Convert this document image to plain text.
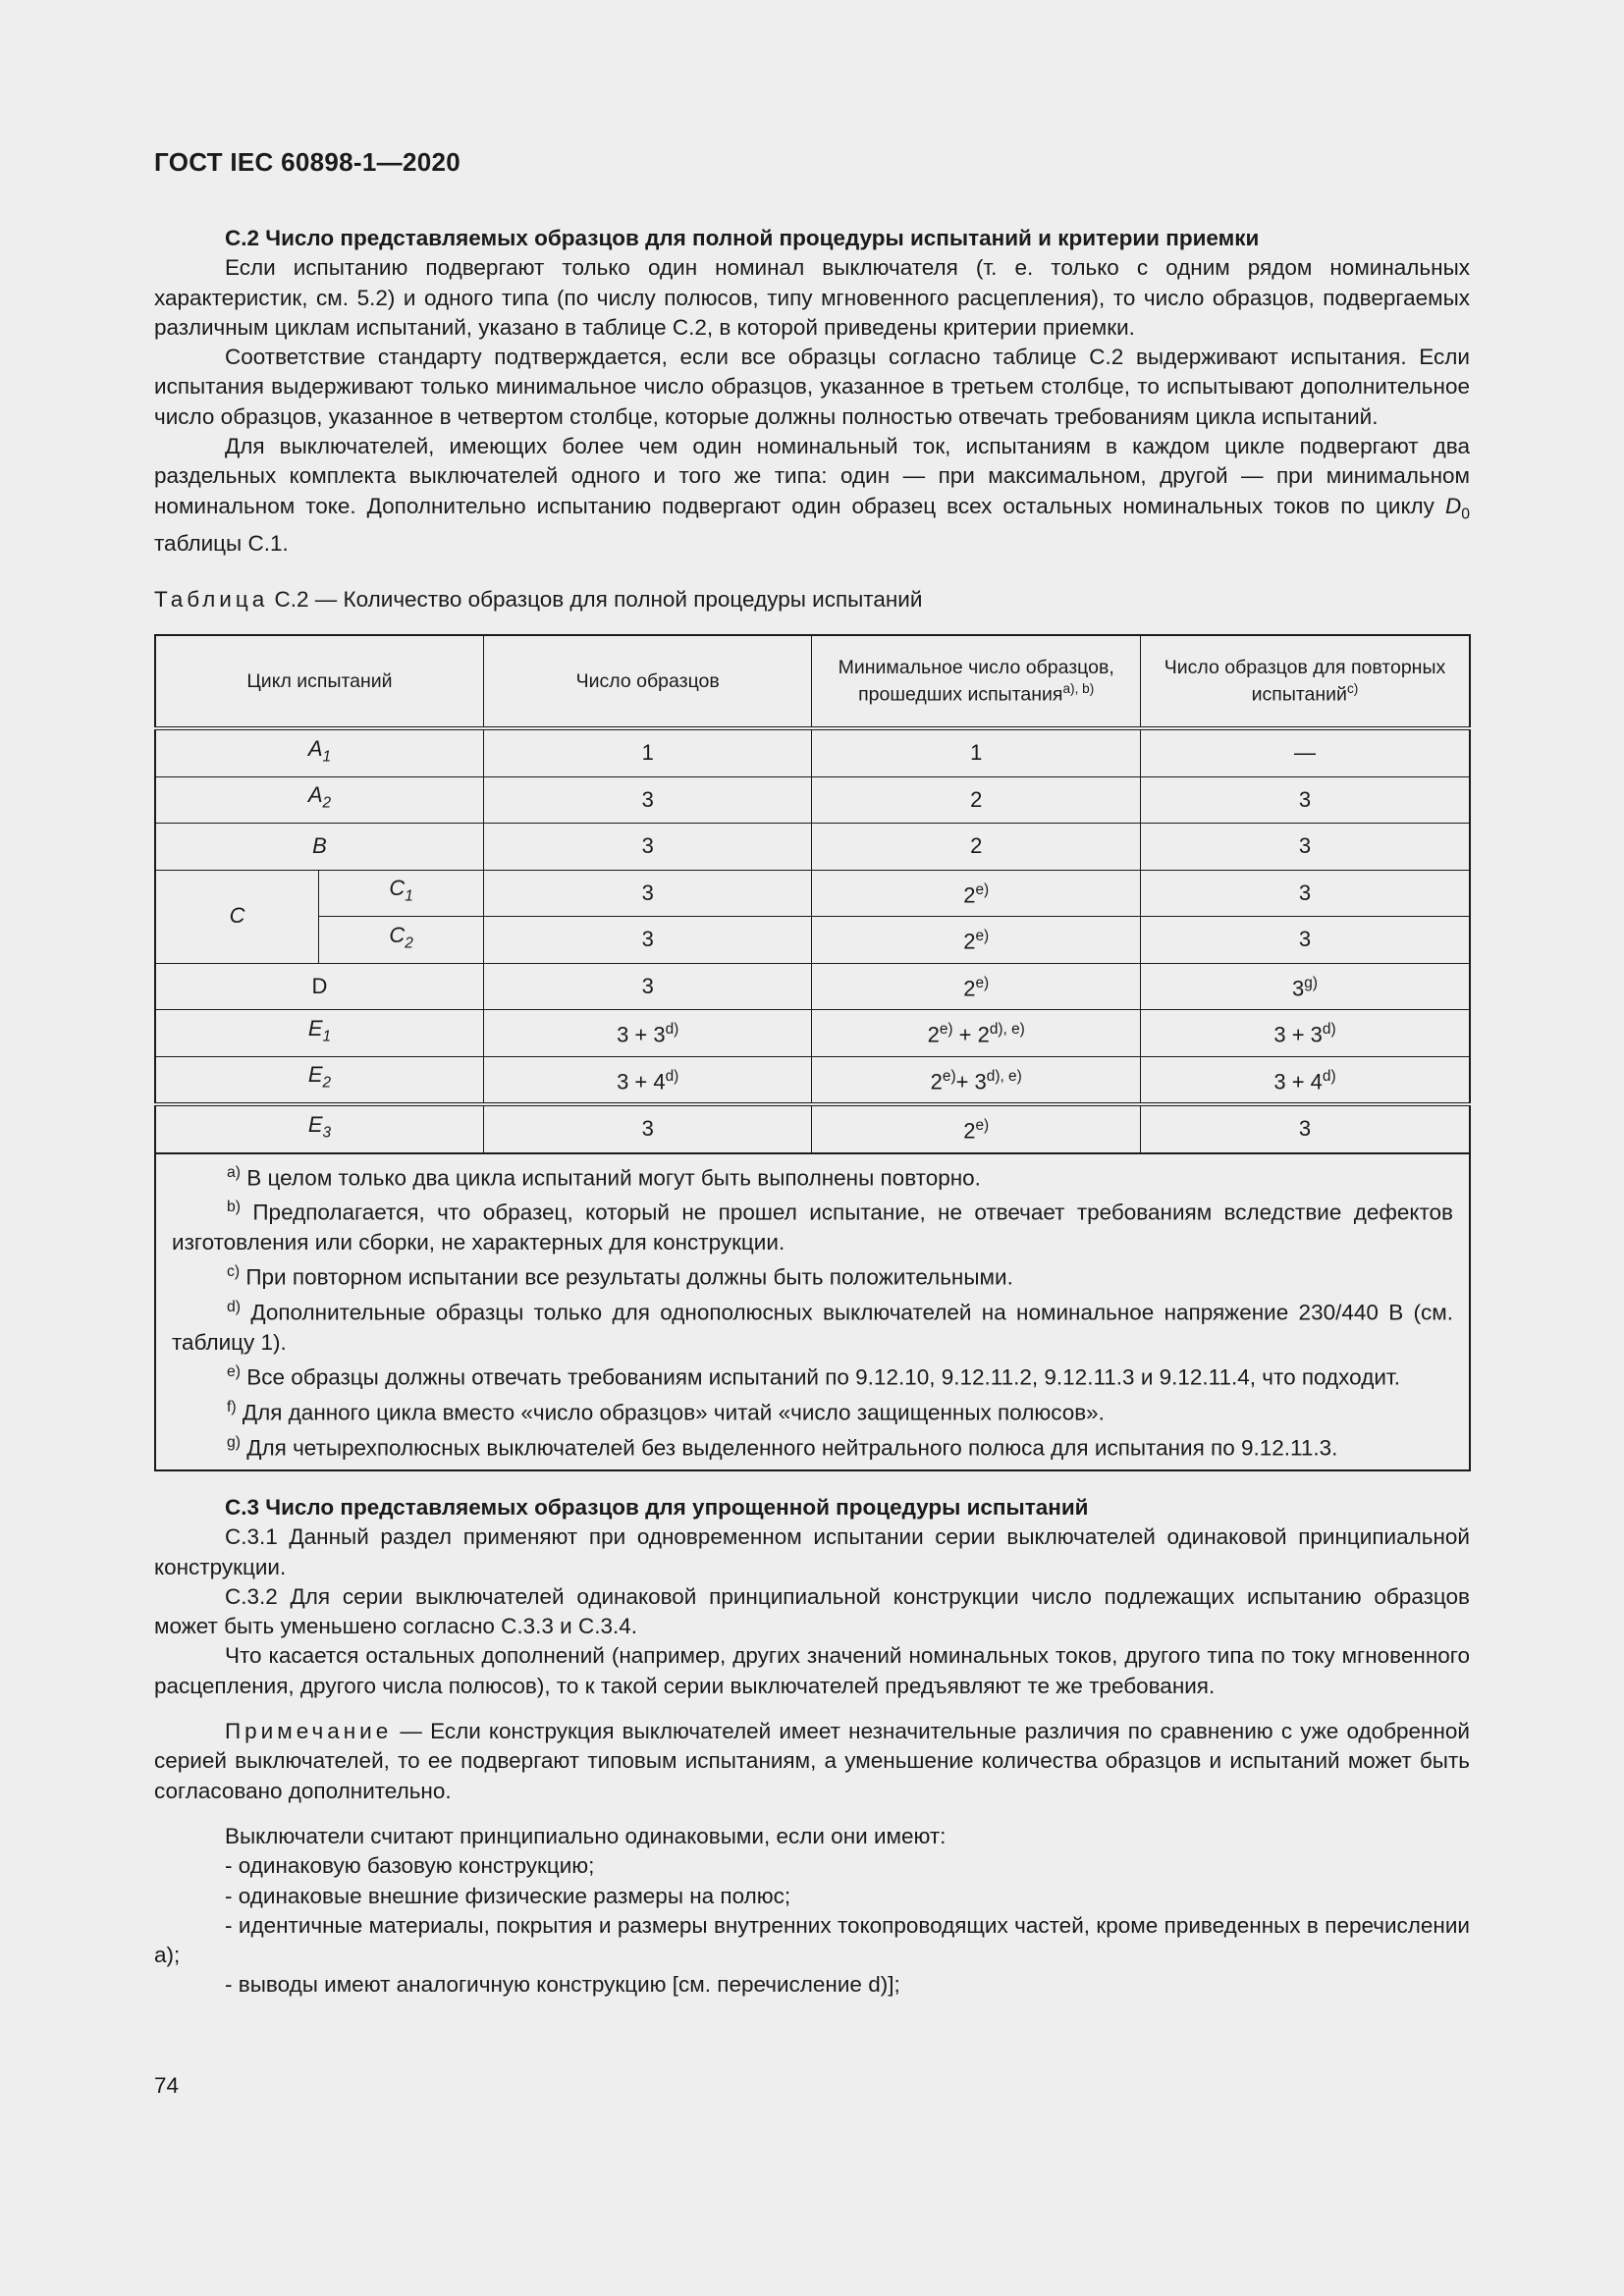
ГОСТ IEC 60898-1—2020
С.2 Число представляемых образцов для полной процедуры испытаний и критерии приемки

Если испытанию подвергают только один номинал выключателя (т. е. только с одним рядом номинальных характеристик, см. 5.2) и одного типа (по числу полюсов, типу мгновенного расцепления), то число образцов, подвергаемых различным циклам испытаний, указано в таблице С.2, в которой приведены критерии приемки.

Соответствие стандарту подтверждается, если все образцы согласно таблице С.2 выдерживают испытания. Если испытания выдерживают только минимальное число образцов, указанное в третьем столбце, то испытывают дополнительное число образцов, указанное в четвертом столбце, которые должны полностью отвечать требованиям цикла испытаний.

Для выключателей, имеющих более чем один номинальный ток, испытаниям в каждом цикле подвергают два раздельных комплекта выключателей одного и того же типа: один — при максимальном, другой — при минимальном номинальном токе. Дополнительно испытанию подвергают один образец всех остальных номинальных токов по циклу $D_0$ таблицы С.1.

Таблица С.2 — Количество образцов для полной процедуры испытаний
Цикл испытаний		Число образцов	Минимальное число образцов, прошедших испытания$^{a), b)}$	Число образцов для повторных испытаний$^{c)}$
$A_1$		1	1	—
$A_2$		3	2	3
B		3	2	3
C	$C_1$	3	2$^{e)}$	3
	$C_2$	3	2$^{e)}$	3
D		3	2$^{e)}$	3$^{g)}$
$E_1$		$3 + 3^{d)}$	$2^{e)} + 2^{d), e)}$	$3 + 3^{d)}$
$E_2$		$3 + 4^{d)}$	$2^{e)}+ 3^{d), e)}$	$3 + 4^{d)}$
$E_3$		3	2$^{e)}$	3

$^{a)}$ В целом только два цикла испытаний могут быть выполнены повторно.

$^{b)}$ Предполагается, что образец, который не прошел испытание, не отвечает требованиям вследствие дефектов изготовления или сборки, не характерных для конструкции.

$^{c)}$ При повторном испытании все результаты должны быть положительными.

$^{d)}$ Дополнительные образцы только для однополюсных выключателей на номинальное напряжение 230/440 В (см. таблицу 1).

$^{e)}$ Все образцы должны отвечать требованиям испытаний по 9.12.10, 9.12.11.2, 9.12.11.3 и 9.12.11.4, что подходит.

$^{f)}$ Для данного цикла вместо «число образцов» читай «число защищенных полюсов».

$^{g)}$ Для четырехполюсных выключателей без выделенного нейтрального полюса для испытания по 9.12.11.3.

С.3 Число представляемых образцов для упрощенной процедуры испытаний

С.3.1 Данный раздел применяют при одновременном испытании серии выключателей одинаковой принципиальной конструкции.

С.3.2 Для серии выключателей одинаковой принципиальной конструкции число подлежащих испытанию образцов может быть уменьшено согласно С.3.3 и С.3.4.

Что касается остальных дополнений (например, других значений номинальных токов, другого типа по току мгновенного расцепления, другого числа полюсов), то к такой серии выключателей предъявляют те же требования.

Примечание — Если конструкция выключателей имеет незначительные различия по сравнению с уже одобренной серией выключателей, то ее подвергают типовым испытаниям, а уменьшение количества образцов и испытаний может быть согласовано дополнительно.

Выключатели считают принципиально одинаковыми, если они имеют:

- одинаковую базовую конструкцию;

- одинаковые внешние физические размеры на полюс;

- идентичные материалы, покрытия и размеры внутренних токопроводящих частей, кроме приведенных в перечислении а);

- выводы имеют аналогичную конструкцию [см. перечисление d)];

74
